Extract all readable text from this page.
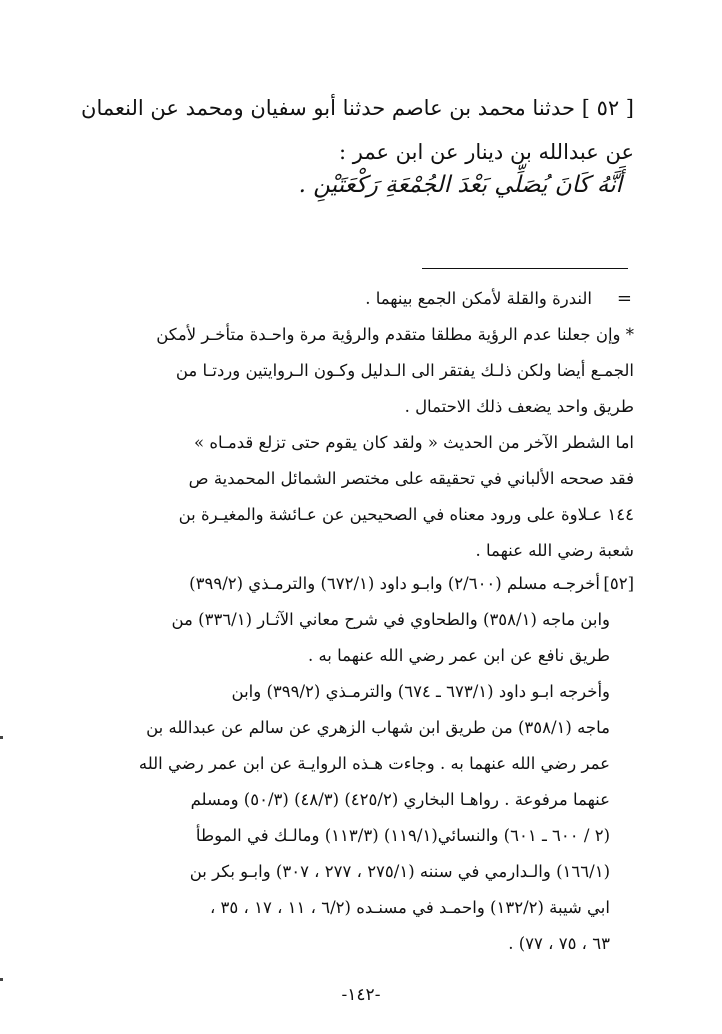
[ ٥٢ ] حدثنا محمد بن عاصم حدثنا أبو سفيان ومحمد عن النعمان
عن عبدالله بن دينار عن ابن عمر :
أَنَّهُ كَانَ يُصَلِّي بَعْدَ الجُمْعَةِ رَكْعَتَيْنِ .
=
الندرة والقلة لأمكن الجمع بينهما .
* وإن جعلنا عدم الرؤية مطلقا متقدم والرؤية مرة واحـدة متأخـر لأمكن
الجمـع أيضا ولكن ذلـك يفتقر الى الـدليل وكـون الـروايتين وردتـا من
طريق واحد يضعف ذلك الاحتمال .
اما الشطر الآخر من الحديث « ولقد كان يقوم حتى تزلع قدمـاه »
فقد صححه الألباني في تحقيقه على مختصر الشمائل المحمدية ص
١٤٤ عـلاوة على ورود معناه في الصحيحين عن عـائشة والمغيـرة بن
شعبة رضي الله عنهما .
[٥٢]
أخرجـه مسلم (٢/٦٠٠) وابـو داود (٦٧٢/١) والترمـذي (٣٩٩/٢)
وابن ماجه (٣٥٨/١) والطحاوي في شرح معاني الآثـار (٣٣٦/١) من
طريق نافع عن ابن عمر رضي الله عنهما به .
وأخرجه ابـو داود (٦٧٣/١ ـ ٦٧٤) والترمـذي (٣٩٩/٢) وابن
ماجه (٣٥٨/١) من طريق ابن شهاب الزهري عن سالم عن عبدالله بن
عمر رضي الله عنهما به . وجاءت هـذه الروايـة عن ابن عمر رضي الله
عنهما مرفوعة . رواهـا البخاري (٤٢٥/٢) (٤٨/٣) (٥٠/٣) ومسلم
(٢ / ٦٠٠ ـ ٦٠١) والنسائي(١١٩/١) (١١٣/٣) ومالـك في الموطأ
(١٦٦/١) والـدارمي في سننه (٢٧٥/١ ، ٢٧٧ ، ٣٠٧) وابـو بكر بن
ابي شيبة (١٣٢/٢) واحمـد في مسنـده (٦/٢ ، ١١ ، ١٧ ، ٣٥ ،
٦٣ ، ٧٥ ، ٧٧) .
-١٤٢-
